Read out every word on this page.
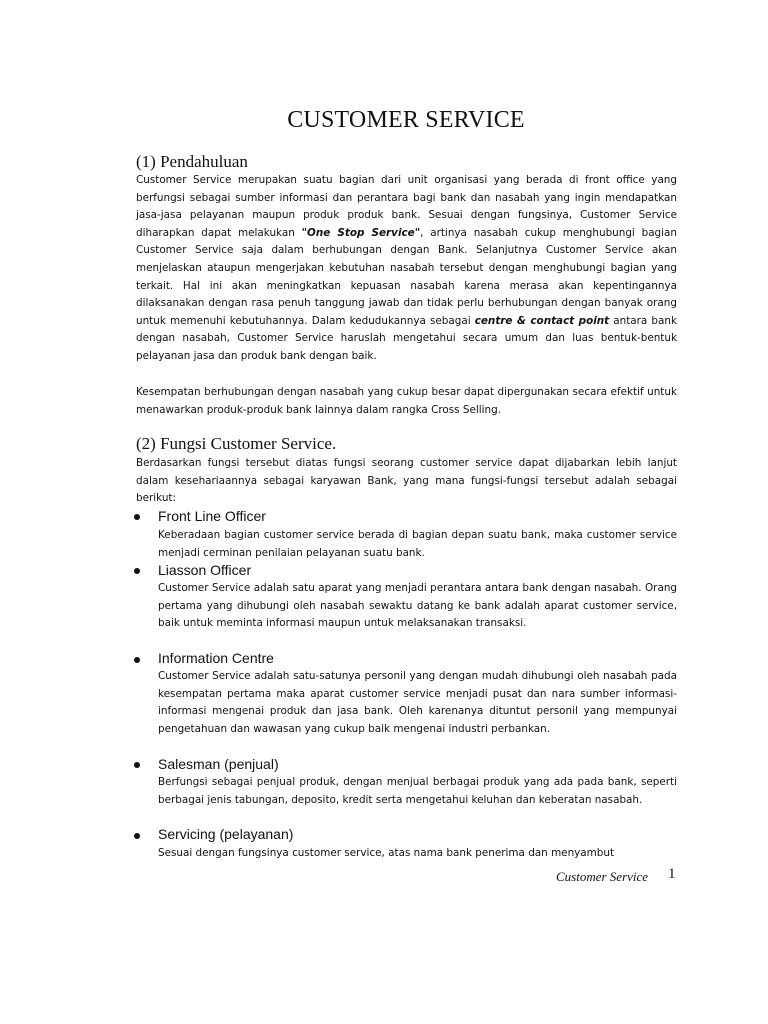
CUSTOMER SERVICE
(1) Pendahuluan
Customer Service merupakan suatu bagian dari unit organisasi yang berada di front office yang berfungsi sebagai sumber informasi dan perantara bagi bank dan nasabah yang ingin mendapatkan jasa-jasa pelayanan maupun produk produk bank. Sesuai dengan fungsinya, Customer Service diharapkan dapat melakukan "One Stop Service", artinya nasabah cukup menghubungi bagian Customer Service saja dalam berhubungan dengan Bank. Selanjutnya Customer Service akan menjelaskan ataupun mengerjakan kebutuhan nasabah tersebut dengan menghubungi bagian yang terkait. Hal ini akan meningkatkan kepuasan nasabah karena merasa akan kepentingannya dilaksanakan dengan rasa penuh tanggung jawab dan tidak perlu berhubungan dengan banyak orang untuk memenuhi kebutuhannya. Dalam kedudukannya sebagai centre & contact point antara bank dengan nasabah, Customer Service haruslah mengetahui secara umum dan luas bentuk-bentuk pelayanan jasa dan produk bank dengan baik.
Kesempatan berhubungan dengan nasabah yang cukup besar dapat dipergunakan secara efektif untuk menawarkan produk-produk bank lainnya dalam rangka Cross Selling.
(2) Fungsi Customer Service.
Berdasarkan fungsi tersebut diatas fungsi seorang customer service dapat dijabarkan lebih lanjut dalam kesehariaannya sebagai karyawan Bank, yang mana fungsi-fungsi tersebut adalah sebagai berikut:
Front Line Officer
Keberadaan bagian customer service berada di bagian depan suatu bank, maka customer service menjadi cerminan penilaian pelayanan suatu bank.
Liasson Officer
Customer Service adalah satu aparat yang menjadi perantara antara bank dengan nasabah. Orang pertama yang dihubungi oleh nasabah sewaktu datang ke bank adalah aparat customer service, baik untuk meminta informasi maupun untuk melaksanakan transaksi.
Information Centre
Customer Service adalah satu-satunya personil yang dengan mudah dihubungi oleh nasabah pada kesempatan pertama maka aparat customer service menjadi pusat dan nara sumber informasi-informasi mengenai produk dan jasa bank. Oleh karenanya dituntut personil yang mempunyai pengetahuan dan wawasan yang cukup baik mengenai industri perbankan.
Salesman (penjual)
Berfungsi sebagai penjual produk, dengan menjual berbagai produk yang ada pada bank, seperti berbagai jenis tabungan, deposito, kredit serta mengetahui keluhan dan keberatan nasabah.
Servicing (pelayanan)
Sesuai dengan fungsinya customer service, atas nama bank penerima dan menyambut
Customer Service 1
